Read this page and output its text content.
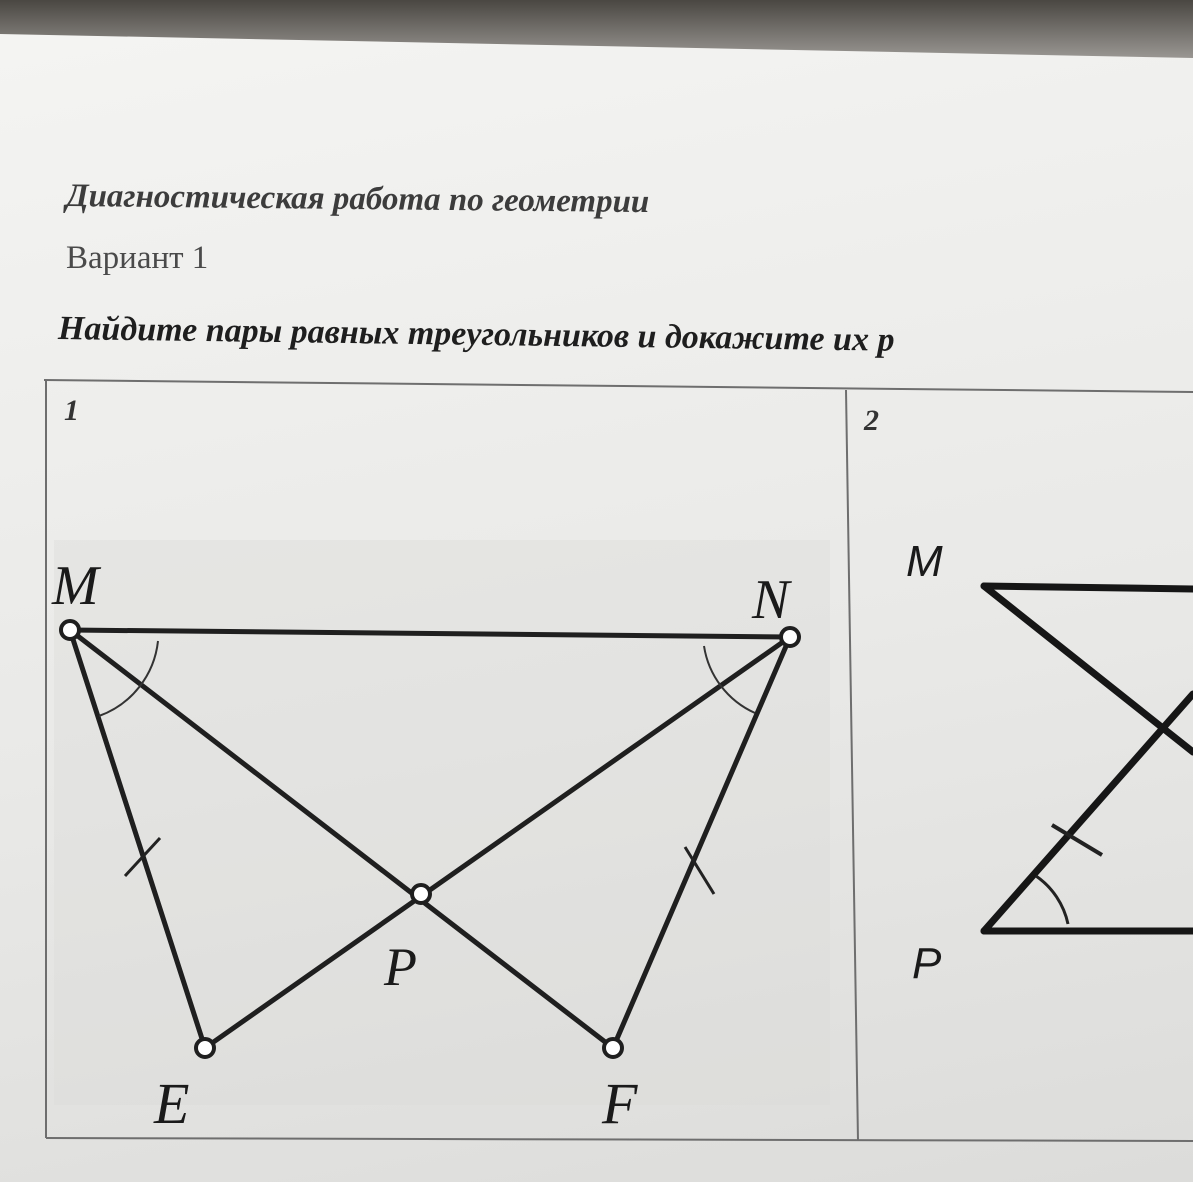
Диагностическая работа по геометрии
Вариант 1
Найдите пары равных треугольников и докажите их р
1
M	N
P
E	F
2
M
P
